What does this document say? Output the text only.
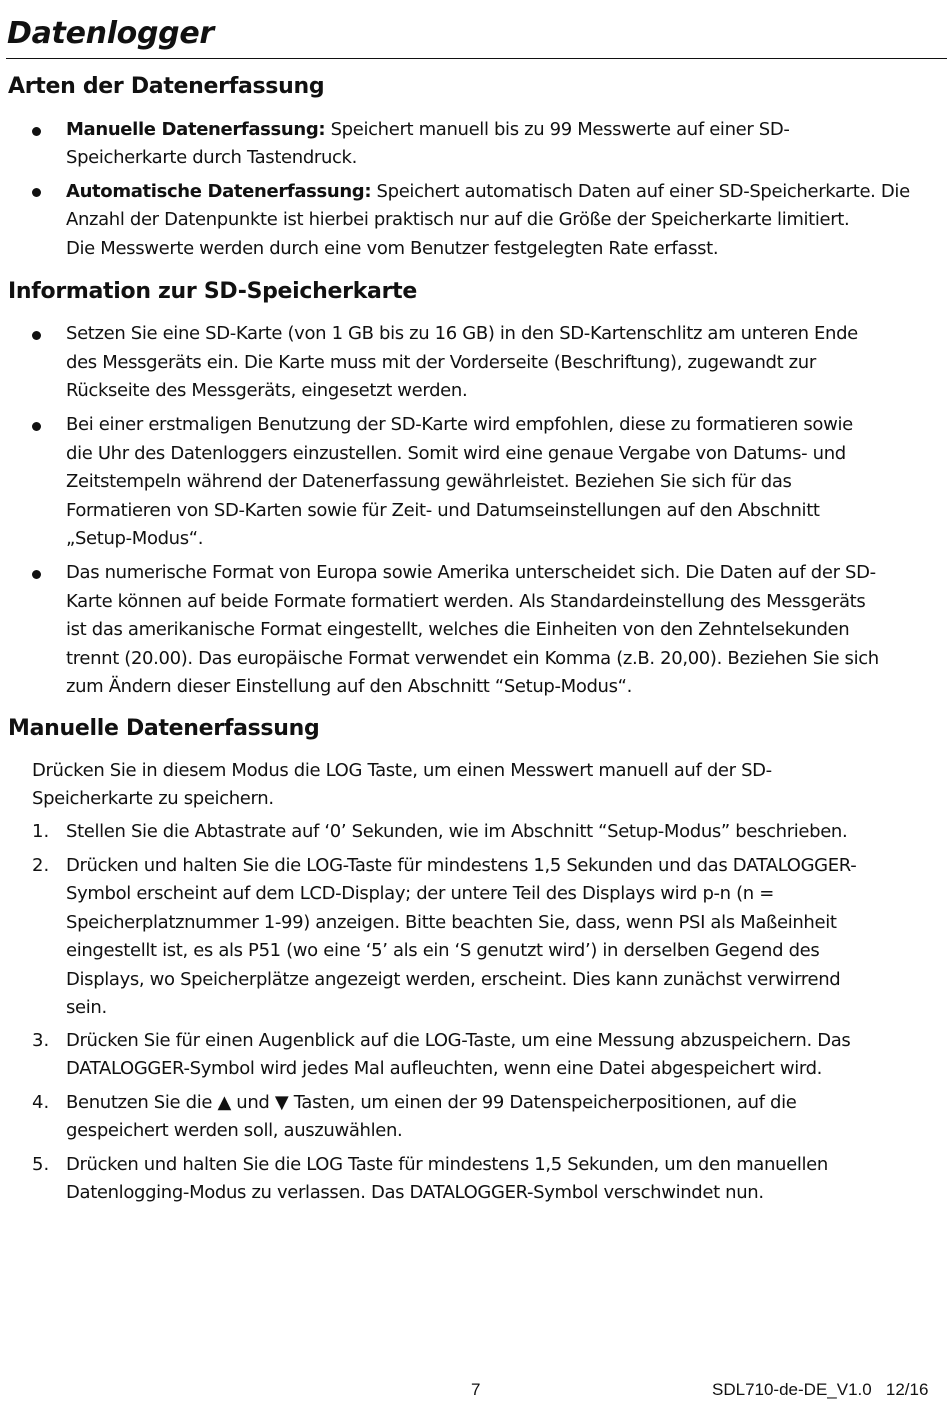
Datenlogger
Arten der Datenerfassung
Manuelle Datenerfassung: Speichert manuell bis zu 99 Messwerte auf einer SD-
Speicherkarte durch Tastendruck.
Automatische Datenerfassung: Speichert automatisch Daten auf einer SD-Speicherkarte. Die
Anzahl der Datenpunkte ist hierbei praktisch nur auf die Größe der Speicherkarte limitiert.
Die Messwerte werden durch eine vom Benutzer festgelegten Rate erfasst.
Information zur SD-Speicherkarte
Setzen Sie eine SD-Karte (von 1 GB bis zu 16 GB) in den SD-Kartenschlitz am unteren Ende
des Messgeräts ein. Die Karte muss mit der Vorderseite (Beschriftung), zugewandt zur
Rückseite des Messgeräts, eingesetzt werden.
Bei einer erstmaligen Benutzung der SD-Karte wird empfohlen, diese zu formatieren sowie
die Uhr des Datenloggers einzustellen. Somit wird eine genaue Vergabe von Datums- und
Zeitstempeln während der Datenerfassung gewährleistet. Beziehen Sie sich für das
Formatieren von SD-Karten sowie für Zeit- und Datumseinstellungen auf den Abschnitt
„Setup-Modus“.
Das numerische Format von Europa sowie Amerika unterscheidet sich. Die Daten auf der SD-
Karte können auf beide Formate formatiert werden. Als Standardeinstellung des Messgeräts
ist das amerikanische Format eingestellt, welches die Einheiten von den Zehntelsekunden
trennt (20.00). Das europäische Format verwendet ein Komma (z.B. 20,00). Beziehen Sie sich
zum Ändern dieser Einstellung auf den Abschnitt “Setup-Modus“.
Manuelle Datenerfassung
Drücken Sie in diesem Modus die LOG Taste, um einen Messwert manuell auf der SD-
Speicherkarte zu speichern.
1. Stellen Sie die Abtastrate auf ‘0’ Sekunden, wie im Abschnitt “Setup-Modus” beschrieben.
2. Drücken und halten Sie die LOG-Taste für mindestens 1,5 Sekunden und das DATALOGGER-
Symbol erscheint auf dem LCD-Display; der untere Teil des Displays wird p-n (n =
Speicherplatznummer 1-99) anzeigen. Bitte beachten Sie, dass, wenn PSI als Maßeinheit
eingestellt ist, es als P51 (wo eine ‘5’ als ein ‘S genutzt wird’) in derselben Gegend des
Displays, wo Speicherplätze angezeigt werden, erscheint. Dies kann zunächst verwirrend
sein.
3. Drücken Sie für einen Augenblick auf die LOG-Taste, um eine Messung abzuspeichern. Das
DATALOGGER-Symbol wird jedes Mal aufleuchten, wenn eine Datei abgespeichert wird.
4. Benutzen Sie die ▲ und ▼ Tasten, um einen der 99 Datenspeicherpositionen, auf die
gespeichert werden soll, auszuwählen.
5. Drücken und halten Sie die LOG Taste für mindestens 1,5 Sekunden, um den manuellen
Datenlogging-Modus zu verlassen. Das DATALOGGER-Symbol verschwindet nun.
7	SDL710-de-DE_V1.0   12/16
